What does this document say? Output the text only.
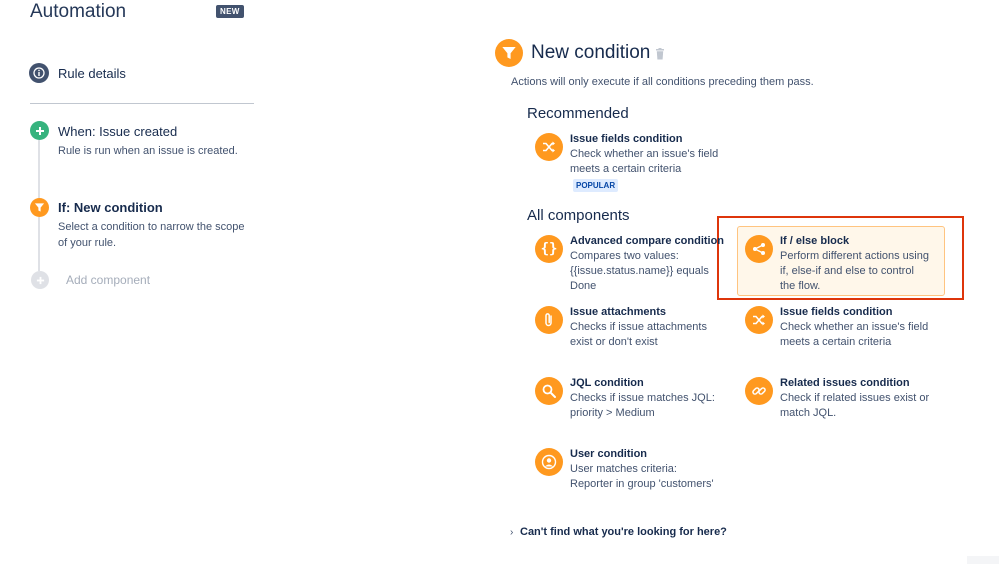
Automation	NEW
Rule details
When: Issue created
Rule is run when an issue is created.
If: New condition
Select a condition to narrow the scope
of your rule.
Add component
New condition
Actions will only execute if all conditions preceding them pass.
Recommended
Issue fields condition
Check whether an issue's field
meets a certain criteria
POPULAR
All components
{} Advanced compare condition
Compares two values:
{{issue.status.name}} equals
Done
If / else block
Perform different actions using
if, else-if and else to control
the flow.
Issue attachments
Checks if issue attachments
exist or don't exist
Issue fields condition
Check whether an issue's field
meets a certain criteria
JQL condition
Checks if issue matches JQL:
priority > Medium
Related issues condition
Check if related issues exist or
match JQL.
User condition
User matches criteria:
Reporter in group 'customers'
› Can't find what you're looking for here?
